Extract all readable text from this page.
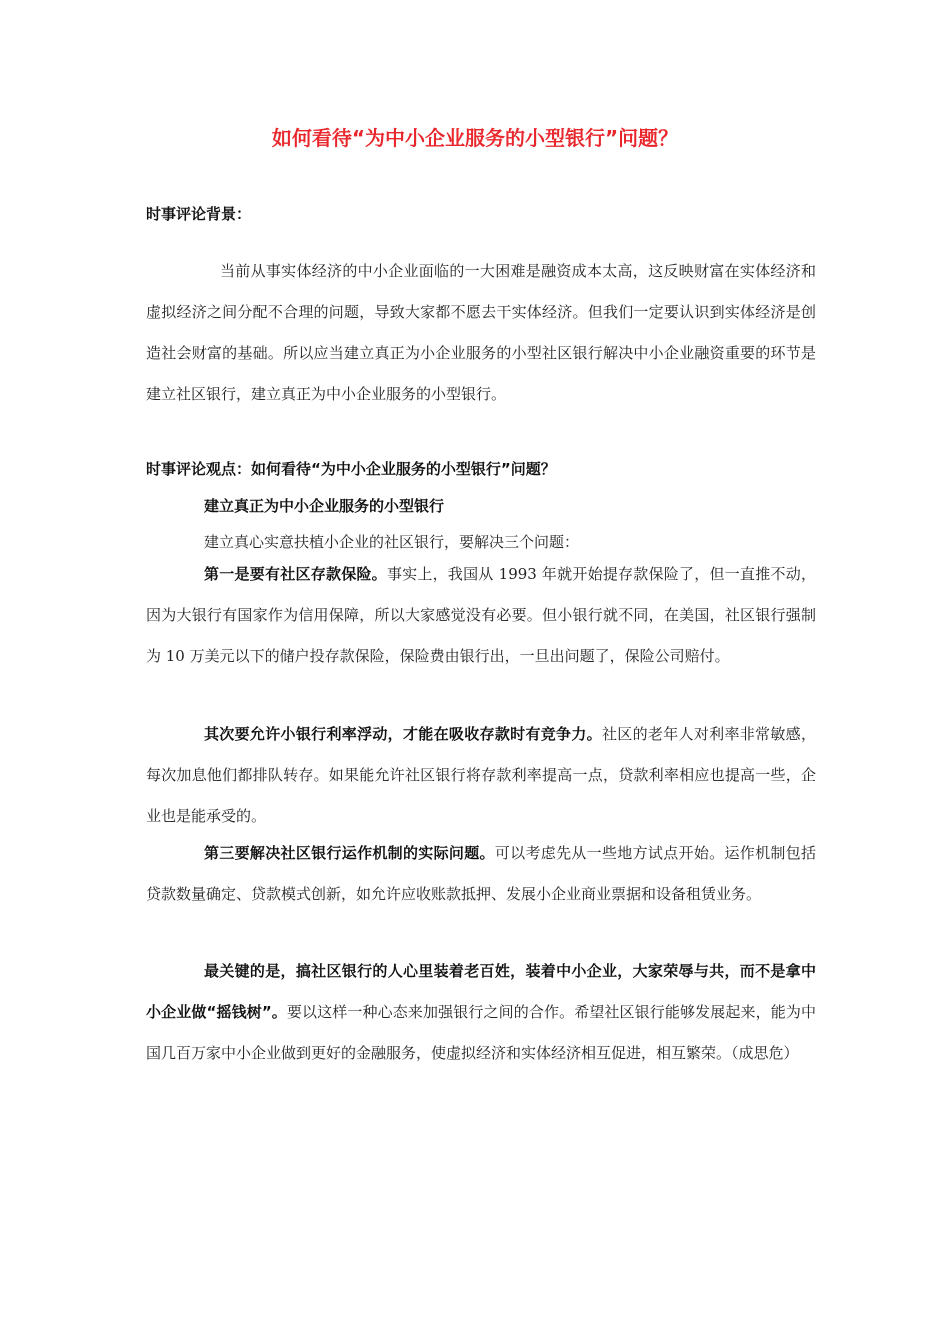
如何看待“为中小企业服务的小型银行”问题？
时事评论背景：
当前从事实体经济的中小企业面临的一大困难是融资成本太高，这反映财富在实体经济和虚拟经济之间分配不合理的问题，导致大家都不愿去干实体经济。但我们一定要认识到实体经济是创造社会财富的基础。所以应当建立真正为小企业服务的小型社区银行解决中小企业融资重要的环节是建立社区银行，建立真正为中小企业服务的小型银行。
时事评论观点：如何看待“为中小企业服务的小型银行”问题？
建立真正为中小企业服务的小型银行
建立真心实意扶植小企业的社区银行，要解决三个问题：
第一是要有社区存款保险。事实上，我国从 1993 年就开始提存款保险了，但一直推不动，因为大银行有国家作为信用保障，所以大家感觉没有必要。但小银行就不同，在美国，社区银行强制为 10 万美元以下的储户投存款保险，保险费由银行出，一旦出问题了，保险公司赔付。
其次要允许小银行利率浮动，才能在吸收存款时有竞争力。社区的老年人对利率非常敏感，每次加息他们都排队转存。如果能允许社区银行将存款利率提高一点，贷款利率相应也提高一些，企业也是能承受的。
第三要解决社区银行运作机制的实际问题。可以考虑先从一些地方试点开始。运作机制包括贷款数量确定、贷款模式创新，如允许应收账款抵押、发展小企业商业票据和设备租赁业务。
最关键的是，搞社区银行的人心里装着老百姓，装着中小企业，大家荣辱与共，而不是拿中小企业做“摇钱树”。要以这样一种心态来加强银行之间的合作。希望社区银行能够发展起来，能为中国几百万家中小企业做到更好的金融服务，使虚拟经济和实体经济相互促进，相互繁荣。（成思危）
